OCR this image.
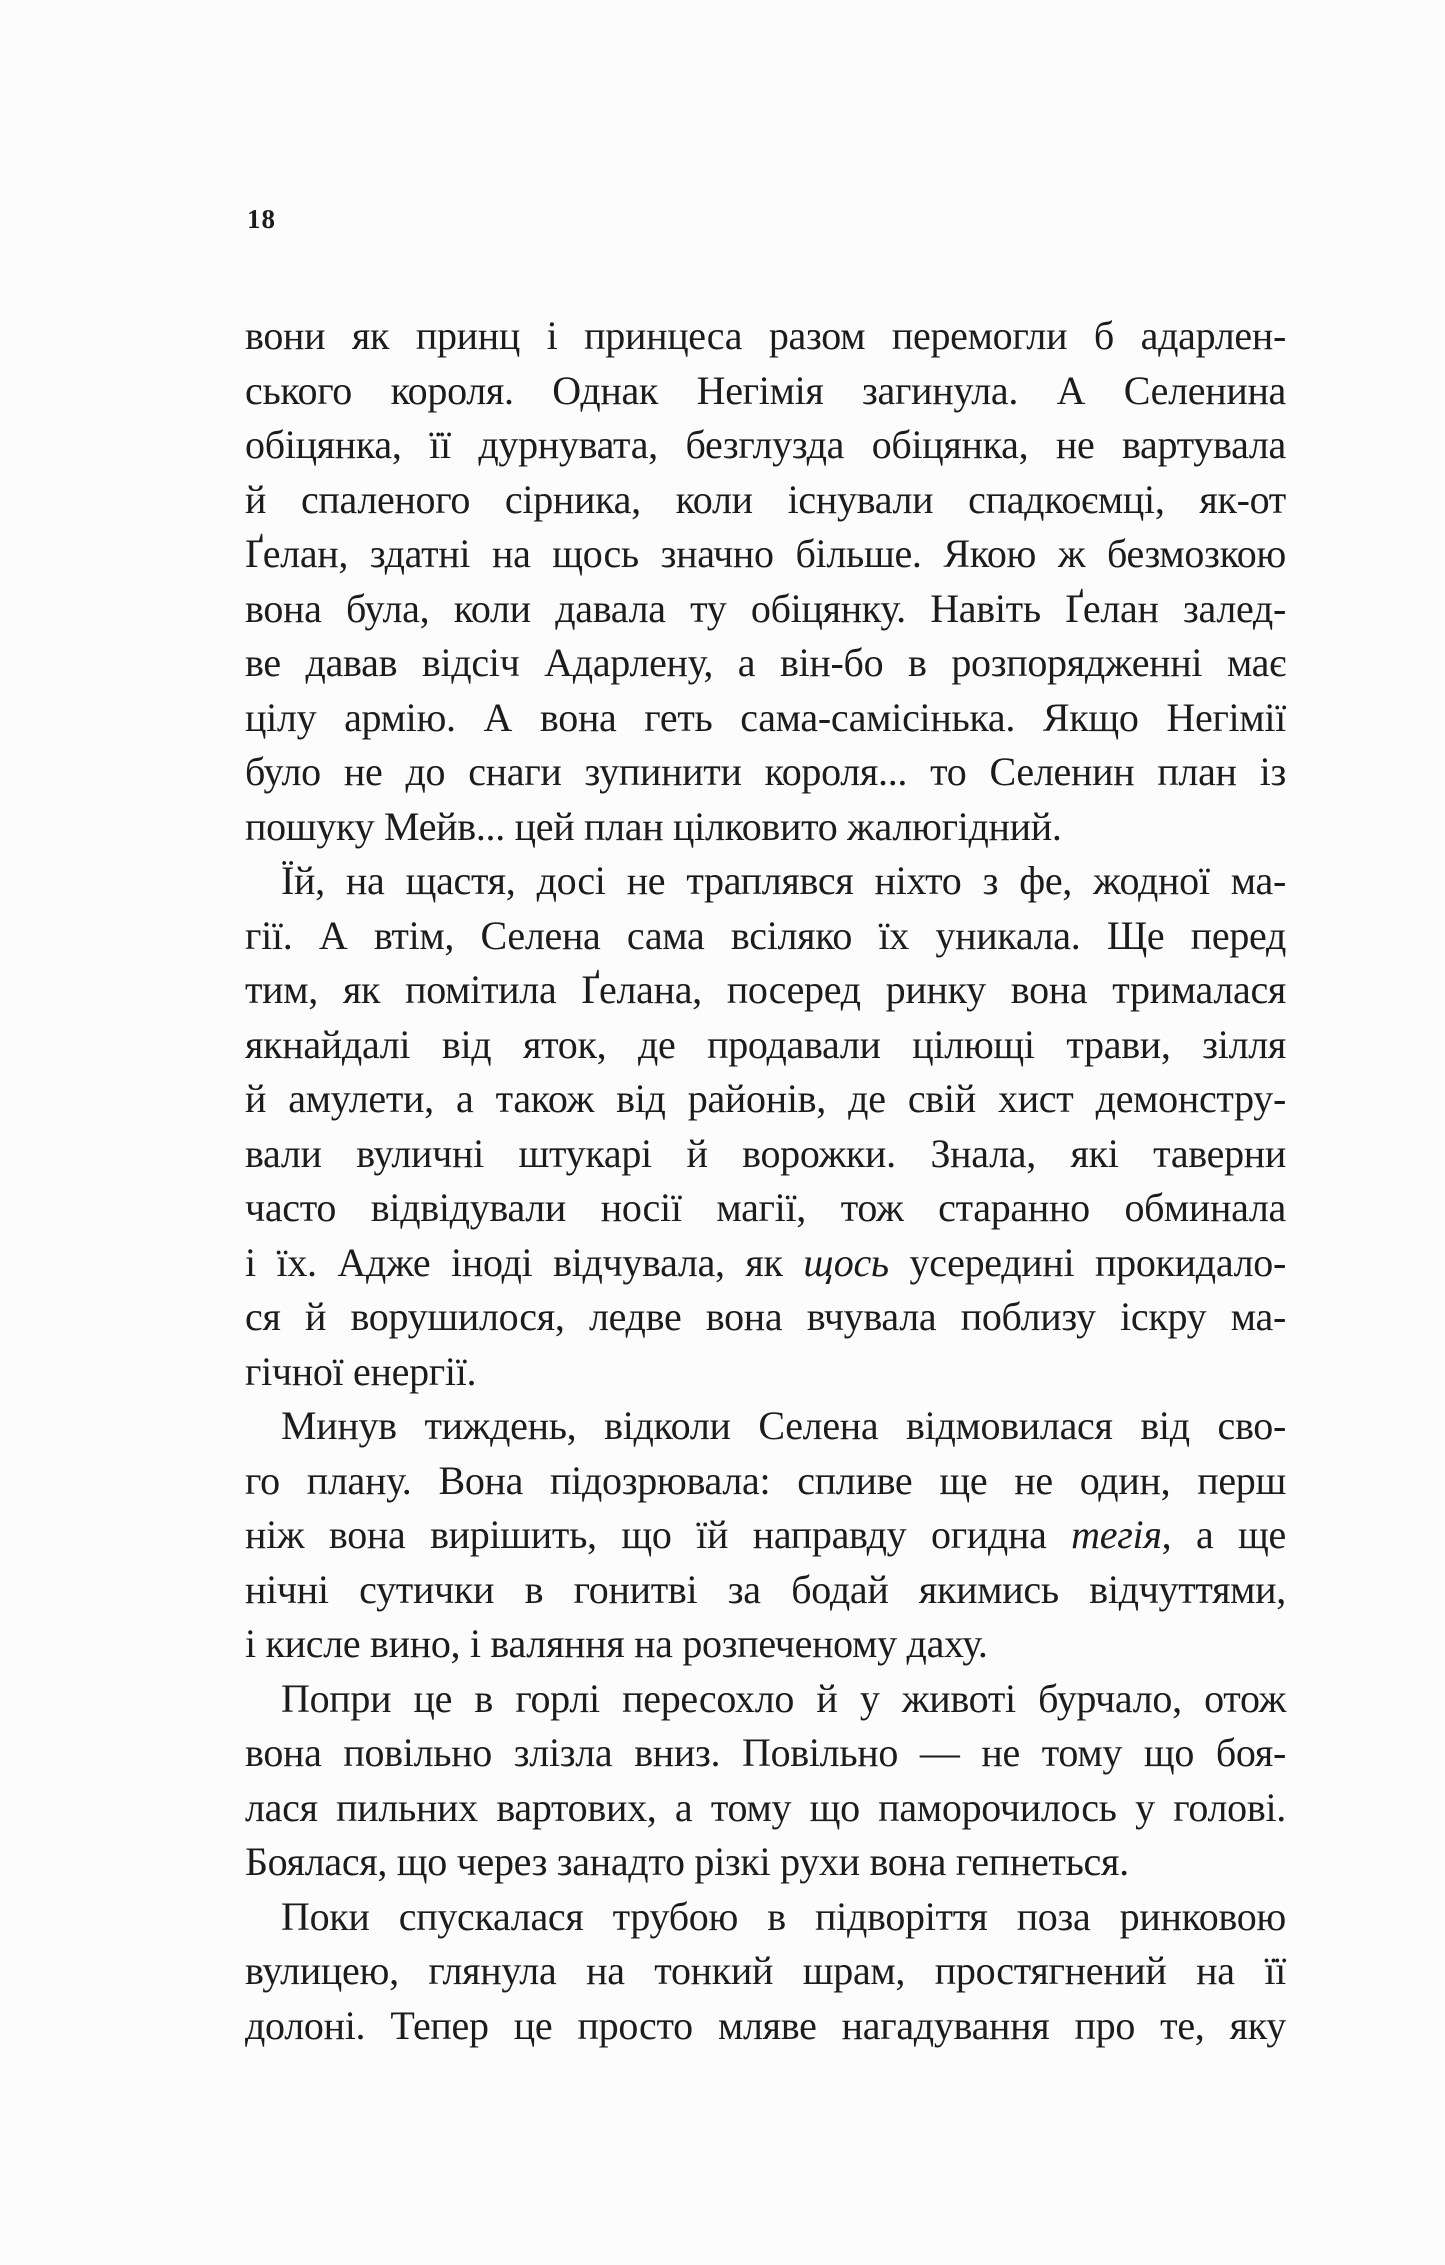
18
вони як принц і принцеса разом перемогли б адарлен-
ського короля. Однак Негімія загинула. А Селенина
обіцянка, її дурнувата, безглузда обіцянка, не вартувала
й спаленого сірника, коли існували спадкоємці, як-от
Ґелан, здатні на щось значно більше. Якою ж безмозкою
вона була, коли давала ту обіцянку. Навіть Ґелан залед-
ве давав відсіч Адарлену, а він-бо в розпорядженні має
цілу армію. А вона геть сама-самісінька. Якщо Негімії
було не до снаги зупинити короля... то Селенин план із
пошуку Мейв... цей план цілковито жалюгідний.
Їй, на щастя, досі не траплявся ніхто з фе, жодної ма-
гії. А втім, Селена сама всіляко їх уникала. Ще перед
тим, як помітила Ґелана, посеред ринку вона трималася
якнайдалі від яток, де продавали цілющі трави, зілля
й амулети, а також від районів, де свій хист демонстру-
вали вуличні штукарі й ворожки. Знала, які таверни
часто відвідували носії магії, тож старанно обминала
і їх. Адже іноді відчувала, як щось усередині прокидало-
ся й ворушилося, ледве вона вчувала поблизу іскру ма-
гічної енергії.
Минув тиждень, відколи Селена відмовилася від сво-
го плану. Вона підозрювала: спливе ще не один, перш
ніж вона вирішить, що їй направду огидна тегія, а ще
нічні сутички в гонитві за бодай якимись відчуттями,
і кисле вино, і валяння на розпеченому даху.
Попри це в горлі пересохло й у животі бурчало, отож
вона повільно злізла вниз. Повільно — не тому що боя-
лася пильних вартових, а тому що паморочилось у голові.
Боялася, що через занадто різкі рухи вона гепнеться.
Поки спускалася трубою в підворіття поза ринковою
вулицею, глянула на тонкий шрам, простягнений на її
долоні. Тепер це просто мляве нагадування про те, яку
